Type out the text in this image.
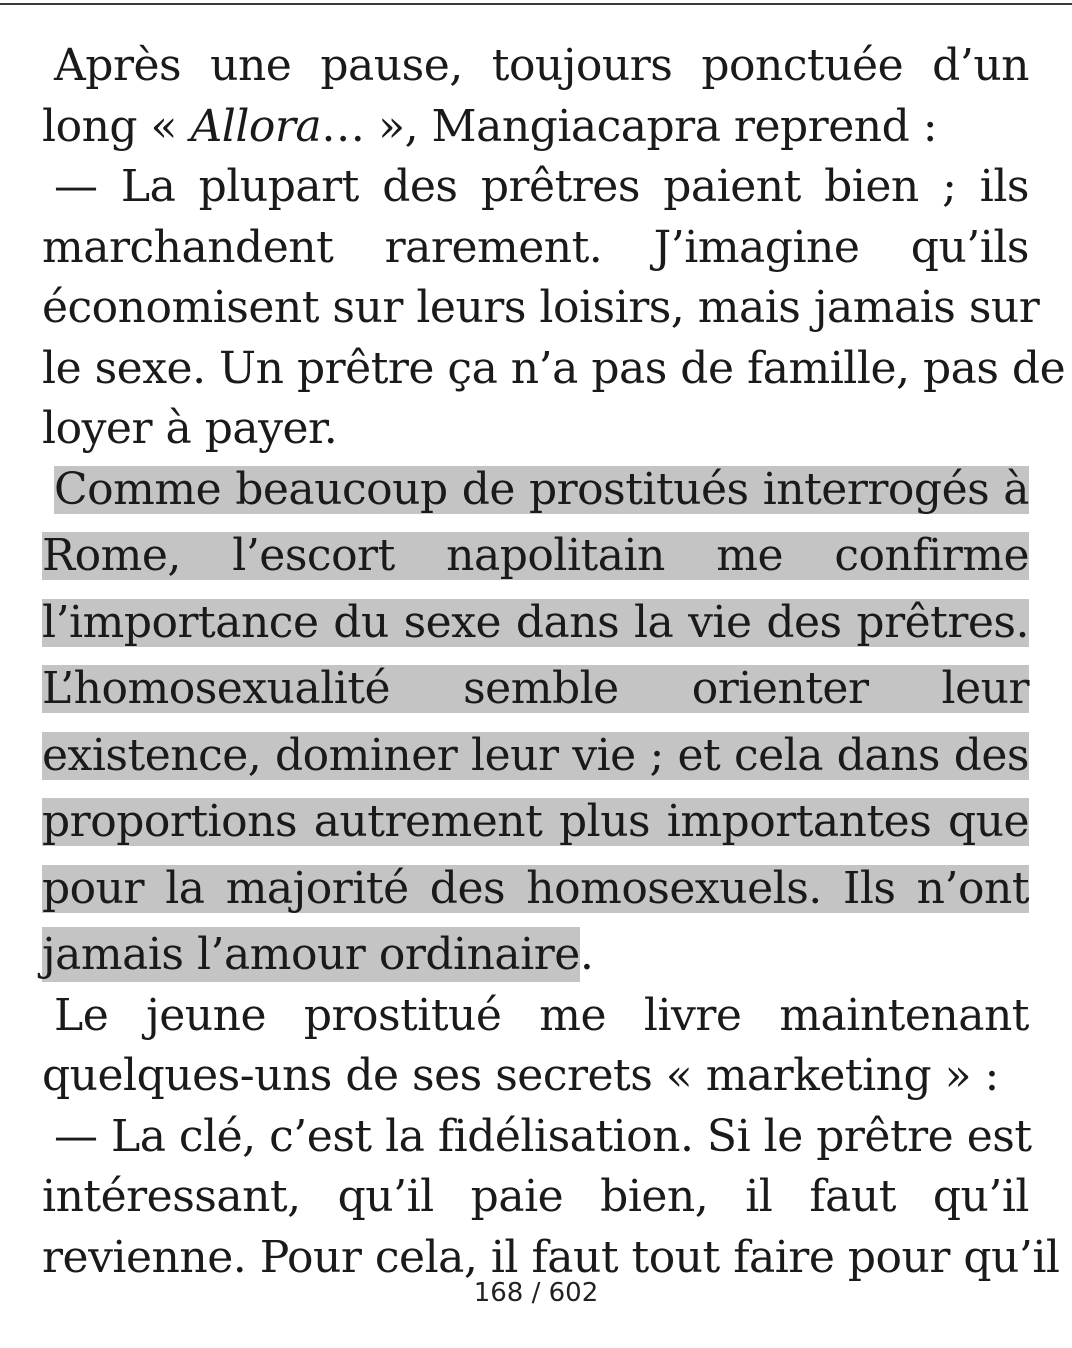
Après une pause, toujours ponctuée d’un
long « Allora… », Mangiacapra reprend :
— La plupart des prêtres paient bien ; ils
marchandent rarement. J’imagine qu’ils
économisent sur leurs loisirs, mais jamais sur
le sexe. Un prêtre ça n’a pas de famille, pas de
loyer à payer.
Comme beaucoup de prostitués interrogés à
Rome, l’escort napolitain me confirme
l’importance du sexe dans la vie des prêtres.
L’homosexualité semble orienter leur
existence, dominer leur vie ; et cela dans des
proportions autrement plus importantes que
pour la majorité des homosexuels. Ils n’ont
jamais l’amour ordinaire.
Le jeune prostitué me livre maintenant
quelques-uns de ses secrets « marketing » :
— La clé, c’est la fidélisation. Si le prêtre est
intéressant, qu’il paie bien, il faut qu’il
revienne. Pour cela, il faut tout faire pour qu’il
168 / 602
